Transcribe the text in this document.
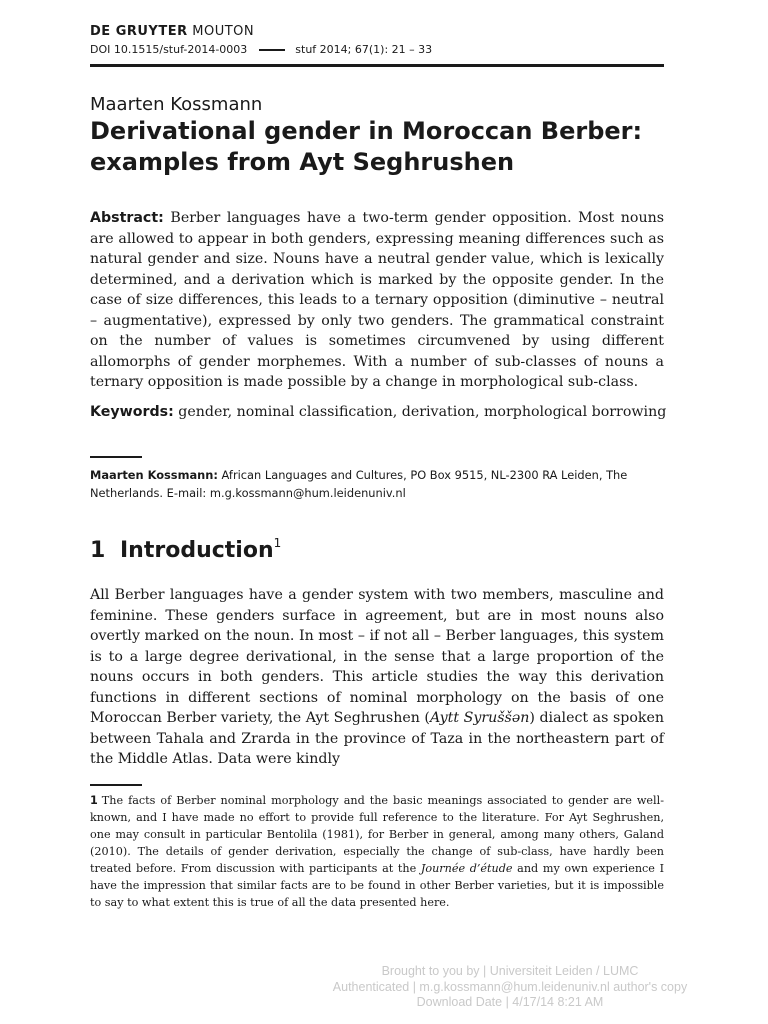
DE GRUYTER MOUTON
DOI 10.1515/stuf-2014-0003	stuf 2014; 67(1): 21 – 33
Maarten Kossmann
Derivational gender in Moroccan Berber: examples from Ayt Seghrushen
Abstract: Berber languages have a two-term gender opposition. Most nouns are allowed to appear in both genders, expressing meaning differences such as natural gender and size. Nouns have a neutral gender value, which is lexically determined, and a derivation which is marked by the opposite gender. In the case of size differences, this leads to a ternary opposition (diminutive – neutral – augmentative), expressed by only two genders. The grammatical constraint on the number of values is sometimes circumvened by using different allomorphs of gender morphemes. With a number of sub-classes of nouns a ternary opposition is made possible by a change in morphological sub-class.
Keywords: gender, nominal classification, derivation, morphological borrowing
Maarten Kossmann: African Languages and Cultures, PO Box 9515, NL-2300 RA Leiden, The Netherlands. E-mail: m.g.kossmann@hum.leidenuniv.nl
1 Introduction$^1$
All Berber languages have a gender system with two members, masculine and feminine. These genders surface in agreement, but are in most nouns also overtly marked on the noun. In most – if not all – Berber languages, this system is to a large degree derivational, in the sense that a large proportion of the nouns occurs in both genders. This article studies the way this derivation functions in different sections of nominal morphology on the basis of one Moroccan Berber variety, the Ayt Seghrushen (Aytt Syruššən) dialect as spoken between Tahala and Zrarda in the province of Taza in the northeastern part of the Middle Atlas. Data were kindly
1 The facts of Berber nominal morphology and the basic meanings associated to gender are well-known, and I have made no effort to provide full reference to the literature. For Ayt Seghrushen, one may consult in particular Bentolila (1981), for Berber in general, among many others, Galand (2010). The details of gender derivation, especially the change of sub-class, have hardly been treated before. From discussion with participants at the Journée d’étude and my own experience I have the impression that similar facts are to be found in other Berber varieties, but it is impossible to say to what extent this is true of all the data presented here.
Brought to you by | Universiteit Leiden / LUMC
Authenticated | m.g.kossmann@hum.leidenuniv.nl author's copy
Download Date | 4/17/14 8:21 AM
